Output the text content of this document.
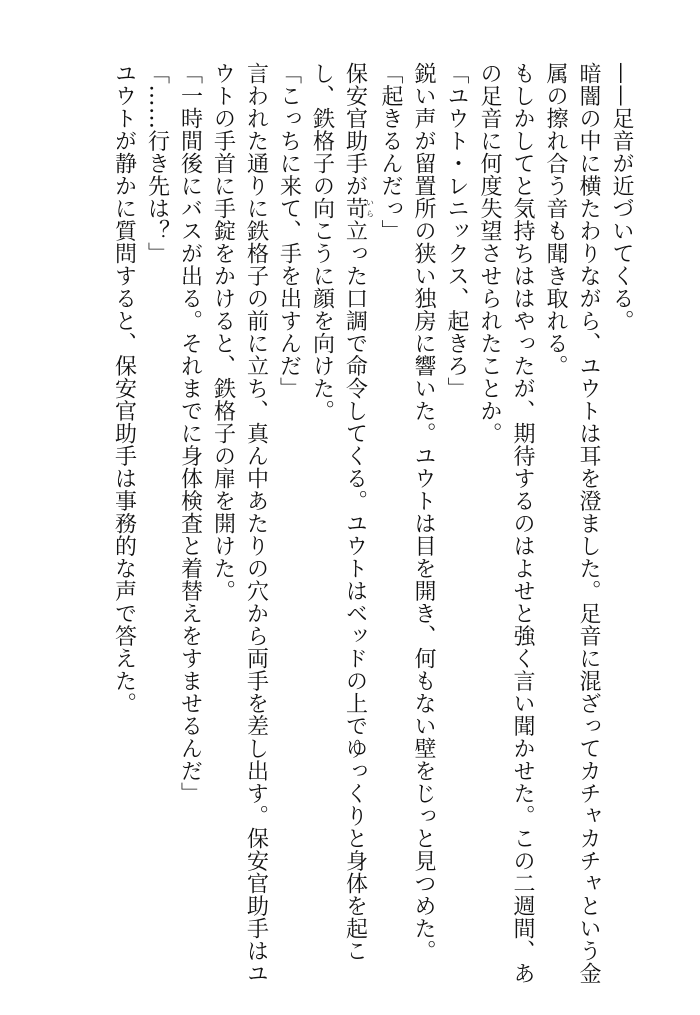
——足音が近づいてくる。
暗闇の中に横たわりながら、ユウトは耳を澄ました。足音に混ざってカチャカチャという金
属の擦れ合う音も聞き取れる。
もしかしてと気持ちははやったが、期待するのはよせと強く言い聞かせた。この二週間、あ
の足音に何度失望させられたことか。
「ユウト・レニックス、起きろ」
鋭い声が留置所の狭い独房に響いた。ユウトは目を開き、何もない壁をじっと見つめた。
「起きるんだっ」
保安官助手が苛いら立った口調で命令してくる。ユウトはベッドの上でゆっくりと身体を起こ
し、鉄格子の向こうに顔を向けた。
「こっちに来て、手を出すんだ」
言われた通りに鉄格子の前に立ち、真ん中あたりの穴から両手を差し出す。保安官助手はユ
ウトの手首に手錠をかけると、鉄格子の扉を開けた。
「一時間後にバスが出る。それまでに身体検査と着替えをすませるんだ」
「……行き先は？」
ユウトが静かに質問すると、保安官助手は事務的な声で答えた。
